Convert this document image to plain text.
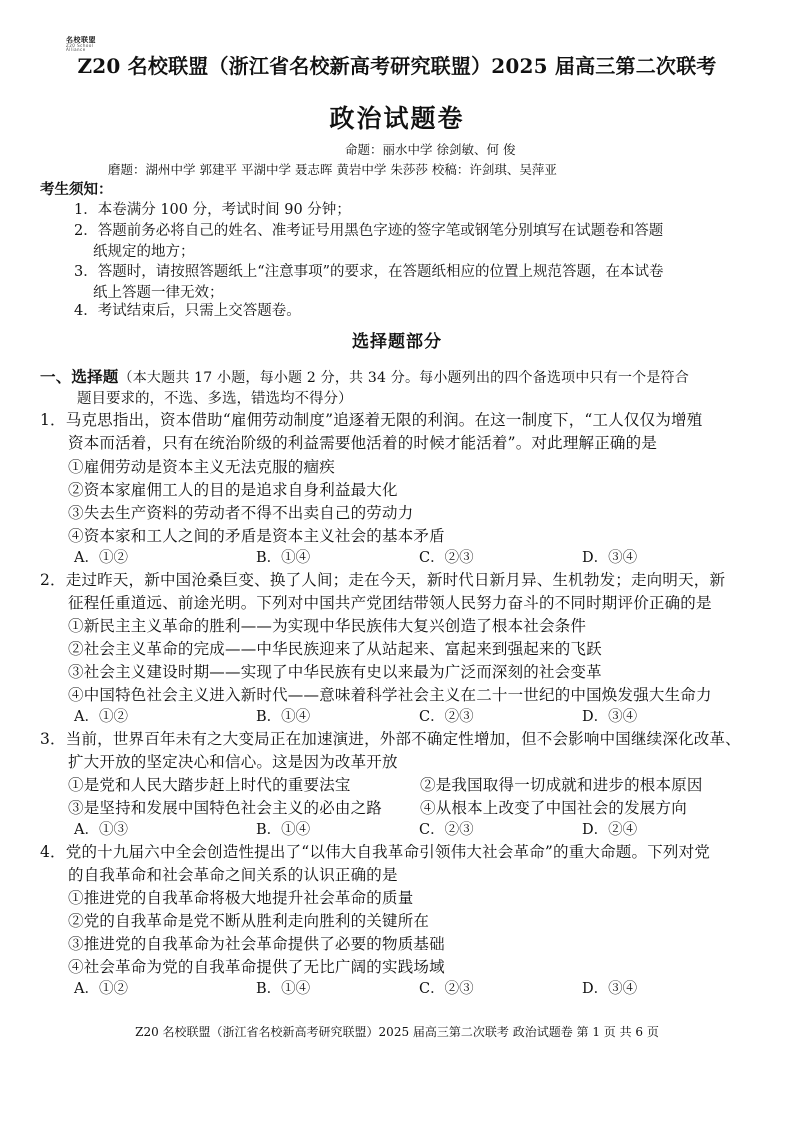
名校联盟
Z20 School Alliance
Z20 名校联盟（浙江省名校新高考研究联盟）2025 届高三第二次联考
政治试题卷
命题：丽水中学 徐剑敏、何 俊
磨题：湖州中学 郭建平 平湖中学 聂志晖 黄岩中学 朱莎莎 校稿：许剑琪、吴萍亚
考生须知：
1．本卷满分 100 分，考试时间 90 分钟；
2．答题前务必将自己的姓名、准考证号用黑色字迹的签字笔或钢笔分别填写在试题卷和答题
纸规定的地方；
3．答题时，请按照答题纸上“注意事项”的要求，在答题纸相应的位置上规范答题，在本试卷
纸上答题一律无效；
4．考试结束后，只需上交答题卷。
选择题部分
一、选择题（本大题共 17 小题，每小题 2 分，共 34 分。每小题列出的四个备选项中只有一个是符合
题目要求的，不选、多选，错选均不得分）
1．马克思指出，资本借助“雇佣劳动制度”追逐着无限的利润。在这一制度下，“工人仅仅为增殖
资本而活着，只有在统治阶级的利益需要他活着的时候才能活着”。对此理解正确的是
①雇佣劳动是资本主义无法克服的痼疾
②资本家雇佣工人的目的是追求自身利益最大化
③失去生产资料的劳动者不得不出卖自己的劳动力
④资本家和工人之间的矛盾是资本主义社会的基本矛盾
A．①②	B．①④	C．②③	D．③④
2．走过昨天，新中国沧桑巨变、换了人间；走在今天，新时代日新月异、生机勃发；走向明天，新
征程任重道远、前途光明。下列对中国共产党团结带领人民努力奋斗的不同时期评价正确的是
①新民主主义革命的胜利——为实现中华民族伟大复兴创造了根本社会条件
②社会主义革命的完成——中华民族迎来了从站起来、富起来到强起来的飞跃
③社会主义建设时期——实现了中华民族有史以来最为广泛而深刻的社会变革
④中国特色社会主义进入新时代——意味着科学社会主义在二十一世纪的中国焕发强大生命力
A．①②	B．①④	C．②③	D．③④
3．当前，世界百年未有之大变局正在加速演进，外部不确定性增加，但不会影响中国继续深化改革、
扩大开放的坚定决心和信心。这是因为改革开放
①是党和人民大踏步赶上时代的重要法宝	②是我国取得一切成就和进步的根本原因
③是坚持和发展中国特色社会主义的必由之路 ④从根本上改变了中国社会的发展方向
A．①③	B．①④	C．②③	D．②④
4．党的十九届六中全会创造性提出了“以伟大自我革命引领伟大社会革命”的重大命题。下列对党
的自我革命和社会革命之间关系的认识正确的是
①推进党的自我革命将极大地提升社会革命的质量
②党的自我革命是党不断从胜利走向胜利的关键所在
③推进党的自我革命为社会革命提供了必要的物质基础
④社会革命为党的自我革命提供了无比广阔的实践场域
A．①②	B．①④	C．②③	D．③④
Z20 名校联盟（浙江省名校新高考研究联盟）2025 届高三第二次联考 政治试题卷 第 1 页 共 6 页
